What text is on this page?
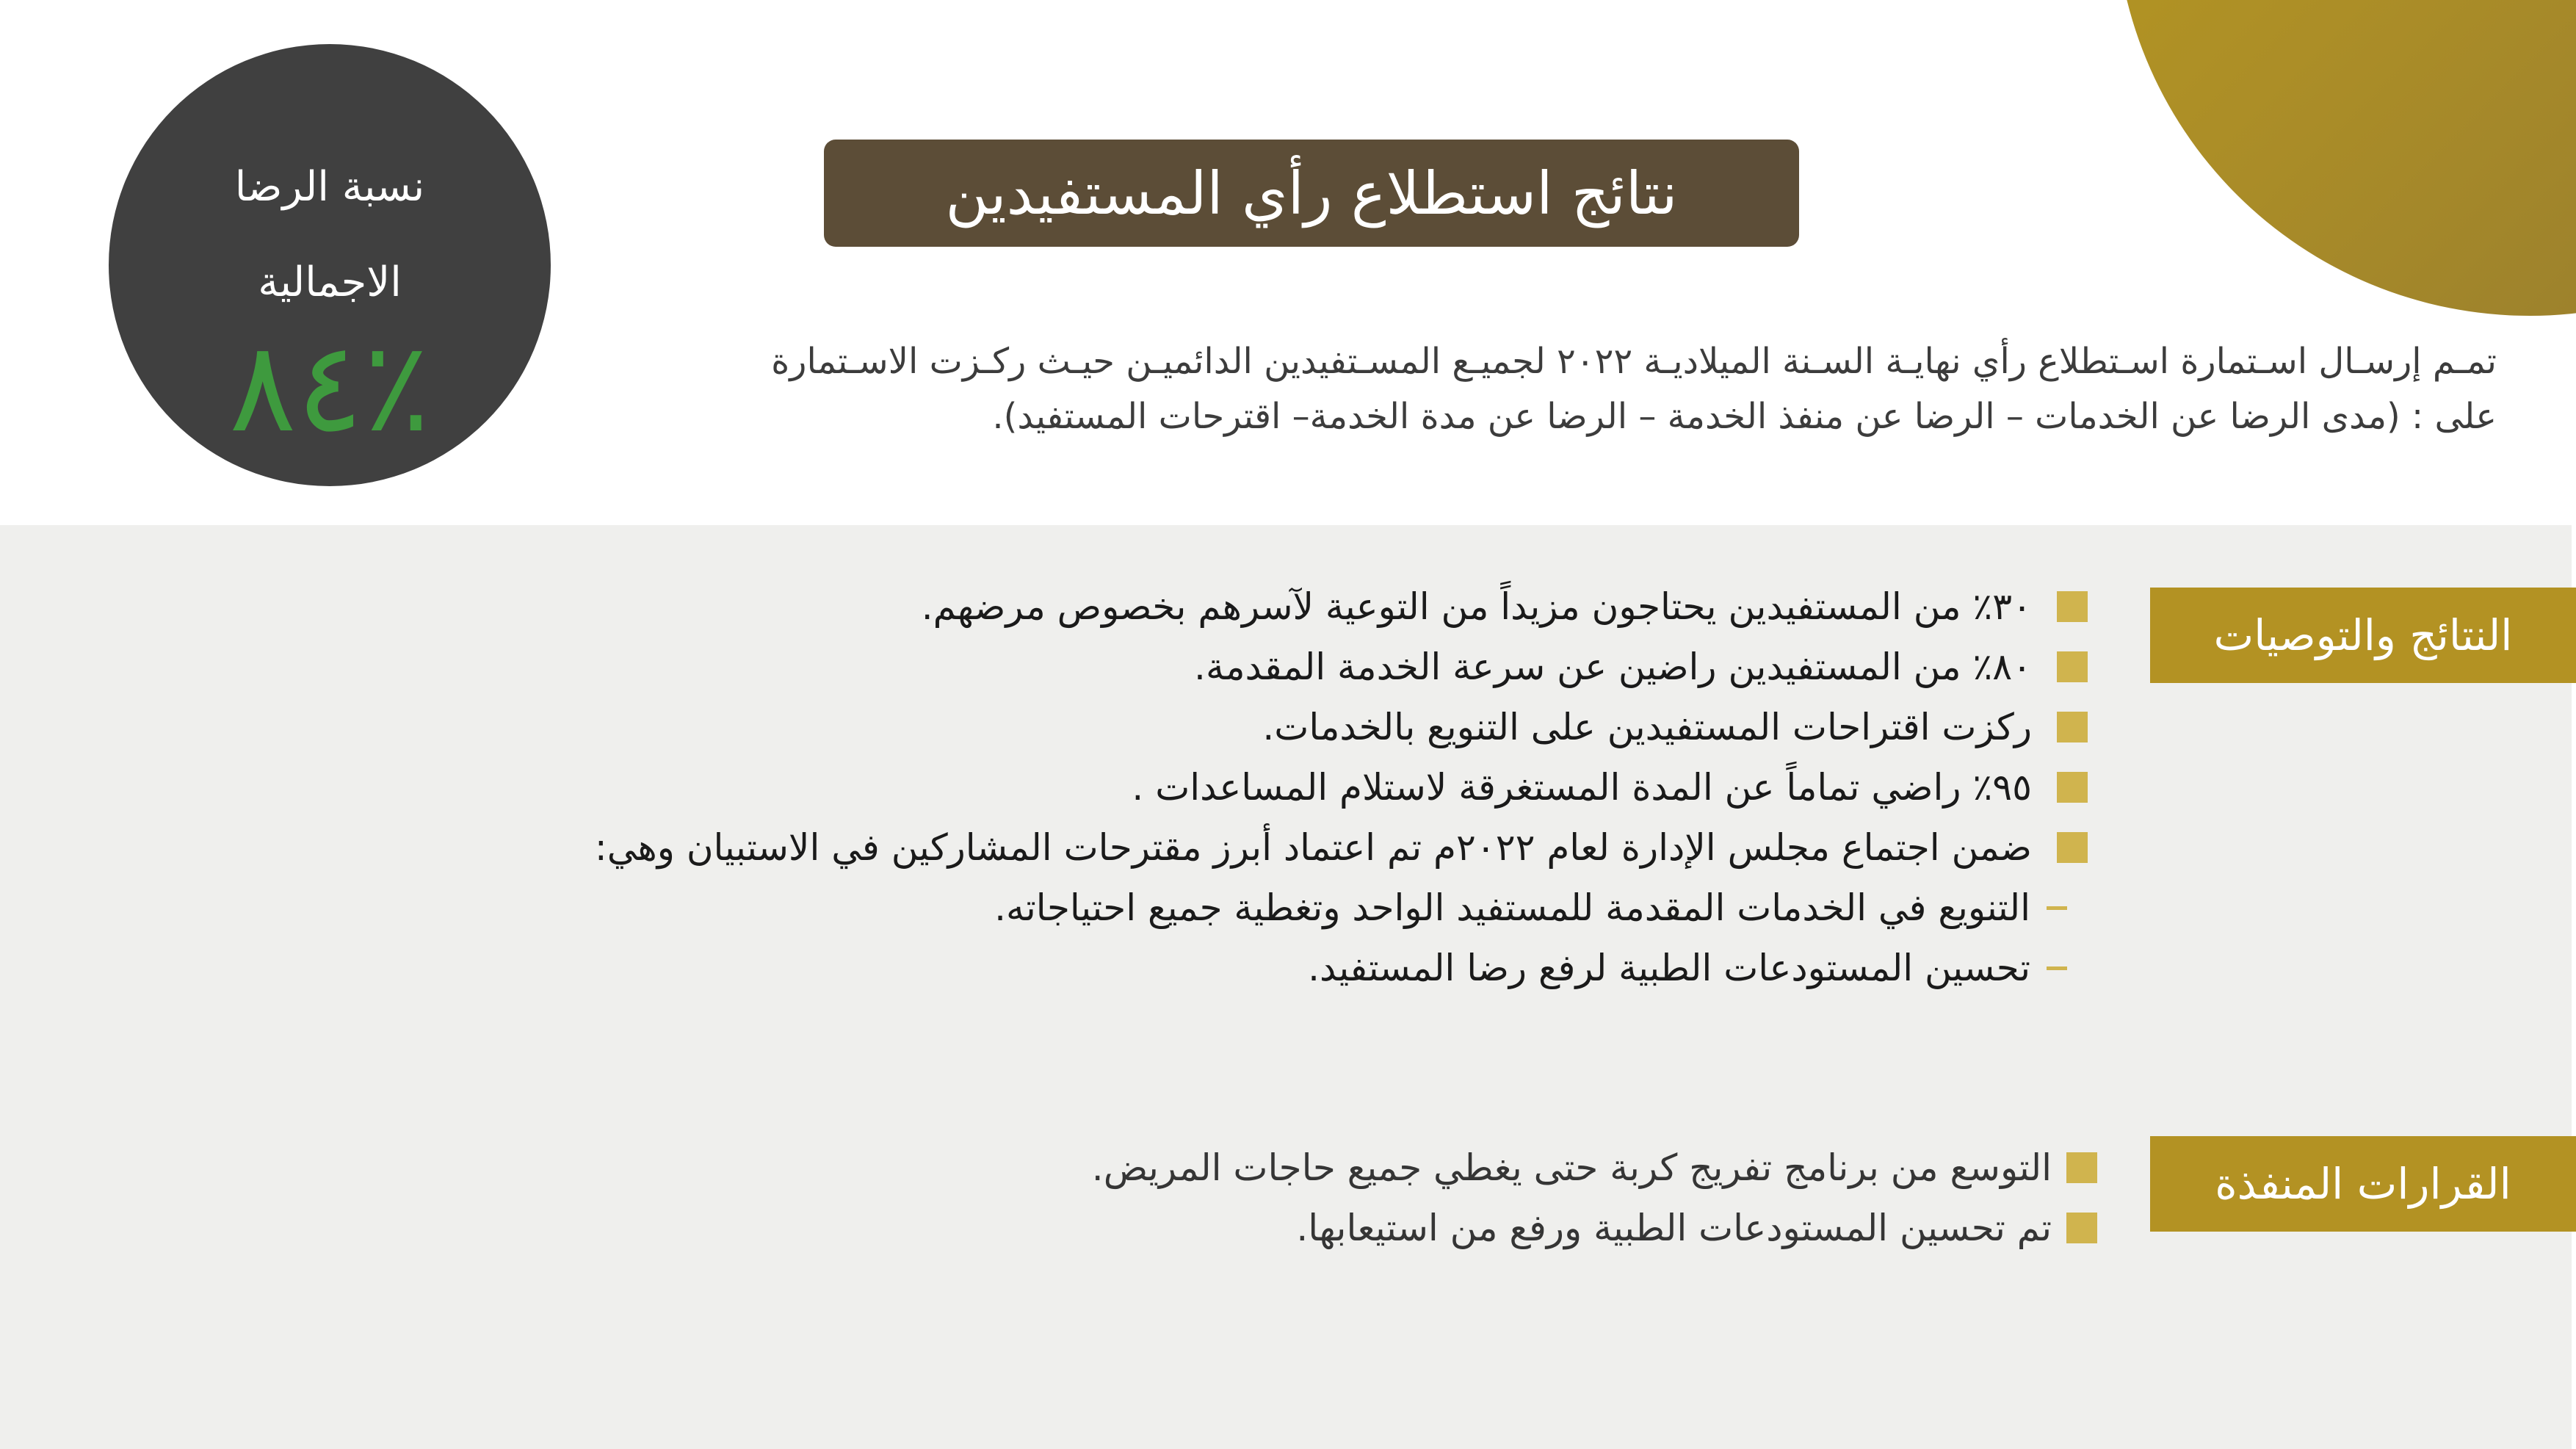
نسبة الرضا الاجمالية
٪٨٤
نتائج استطلاع رأي المستفيدين
تمـم إرسـال اسـتمارة اسـتطلاع رأي نهايـة السـنة الميلاديـة ٢٠٢٢ لجميـع المسـتفيدين الدائميـن حيـث ركـزت الاسـتمارة
على : (مدى الرضا عن الخدمات – الرضا عن منفذ الخدمة – الرضا عن مدة الخدمة– اقترحات المستفيد).
النتائج والتوصيات
٣٠٪ من المستفيدين يحتاجون مزيداً من التوعية لآسرهم بخصوص مرضهم.
٨٠٪ من المستفيدين راضين عن سرعة الخدمة المقدمة.
ركزت اقتراحات المستفيدين على التنويع بالخدمات.
٩٥٪ راضي تماماً عن المدة المستغرقة لاستلام المساعدات .
ضمن اجتماع مجلس الإدارة لعام ٢٠٢٢م تم اعتماد أبرز مقترحات المشاركين في الاستبيان وهي:
التنويع في الخدمات المقدمة للمستفيد الواحد وتغطية جميع احتياجاته.
تحسين المستودعات الطبية لرفع رضا المستفيد.
القرارات المنفذة
التوسع من برنامج تفريج كربة حتى يغطي جميع حاجات المريض.
تم تحسين المستودعات الطبية ورفع من استيعابها.
